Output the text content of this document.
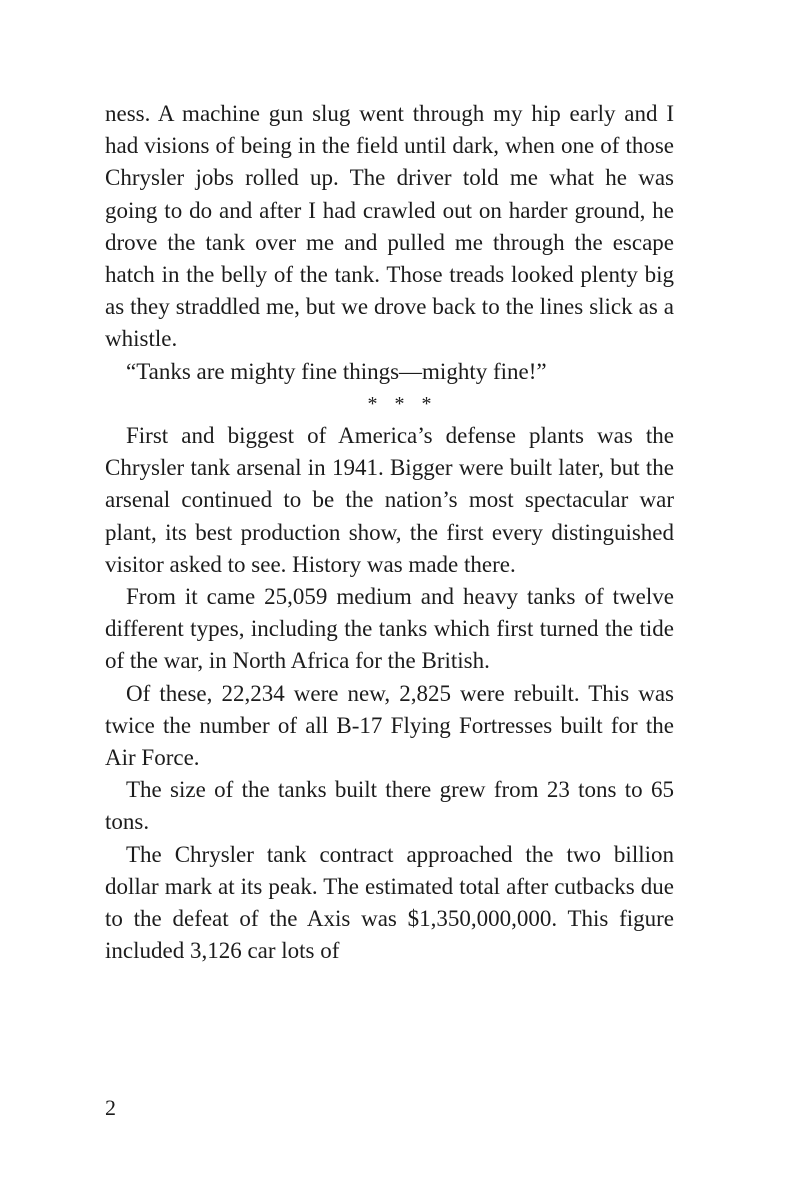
ness. A machine gun slug went through my hip early and I had visions of being in the field until dark, when one of those Chrysler jobs rolled up. The driver told me what he was going to do and after I had crawled out on harder ground, he drove the tank over me and pulled me through the escape hatch in the belly of the tank. Those treads looked plenty big as they straddled me, but we drove back to the lines slick as a whistle.

“Tanks are mighty fine things—mighty fine!”

* * *

First and biggest of America’s defense plants was the Chrysler tank arsenal in 1941. Bigger were built later, but the arsenal continued to be the nation’s most spectacular war plant, its best production show, the first every distinguished visitor asked to see. History was made there.

From it came 25,059 medium and heavy tanks of twelve different types, including the tanks which first turned the tide of the war, in North Africa for the British.

Of these, 22,234 were new, 2,825 were rebuilt. This was twice the number of all B-17 Flying Fortresses built for the Air Force.

The size of the tanks built there grew from 23 tons to 65 tons.

The Chrysler tank contract approached the two billion dollar mark at its peak. The estimated total after cutbacks due to the defeat of the Axis was $1,350,000,000. This figure included 3,126 car lots of

2
